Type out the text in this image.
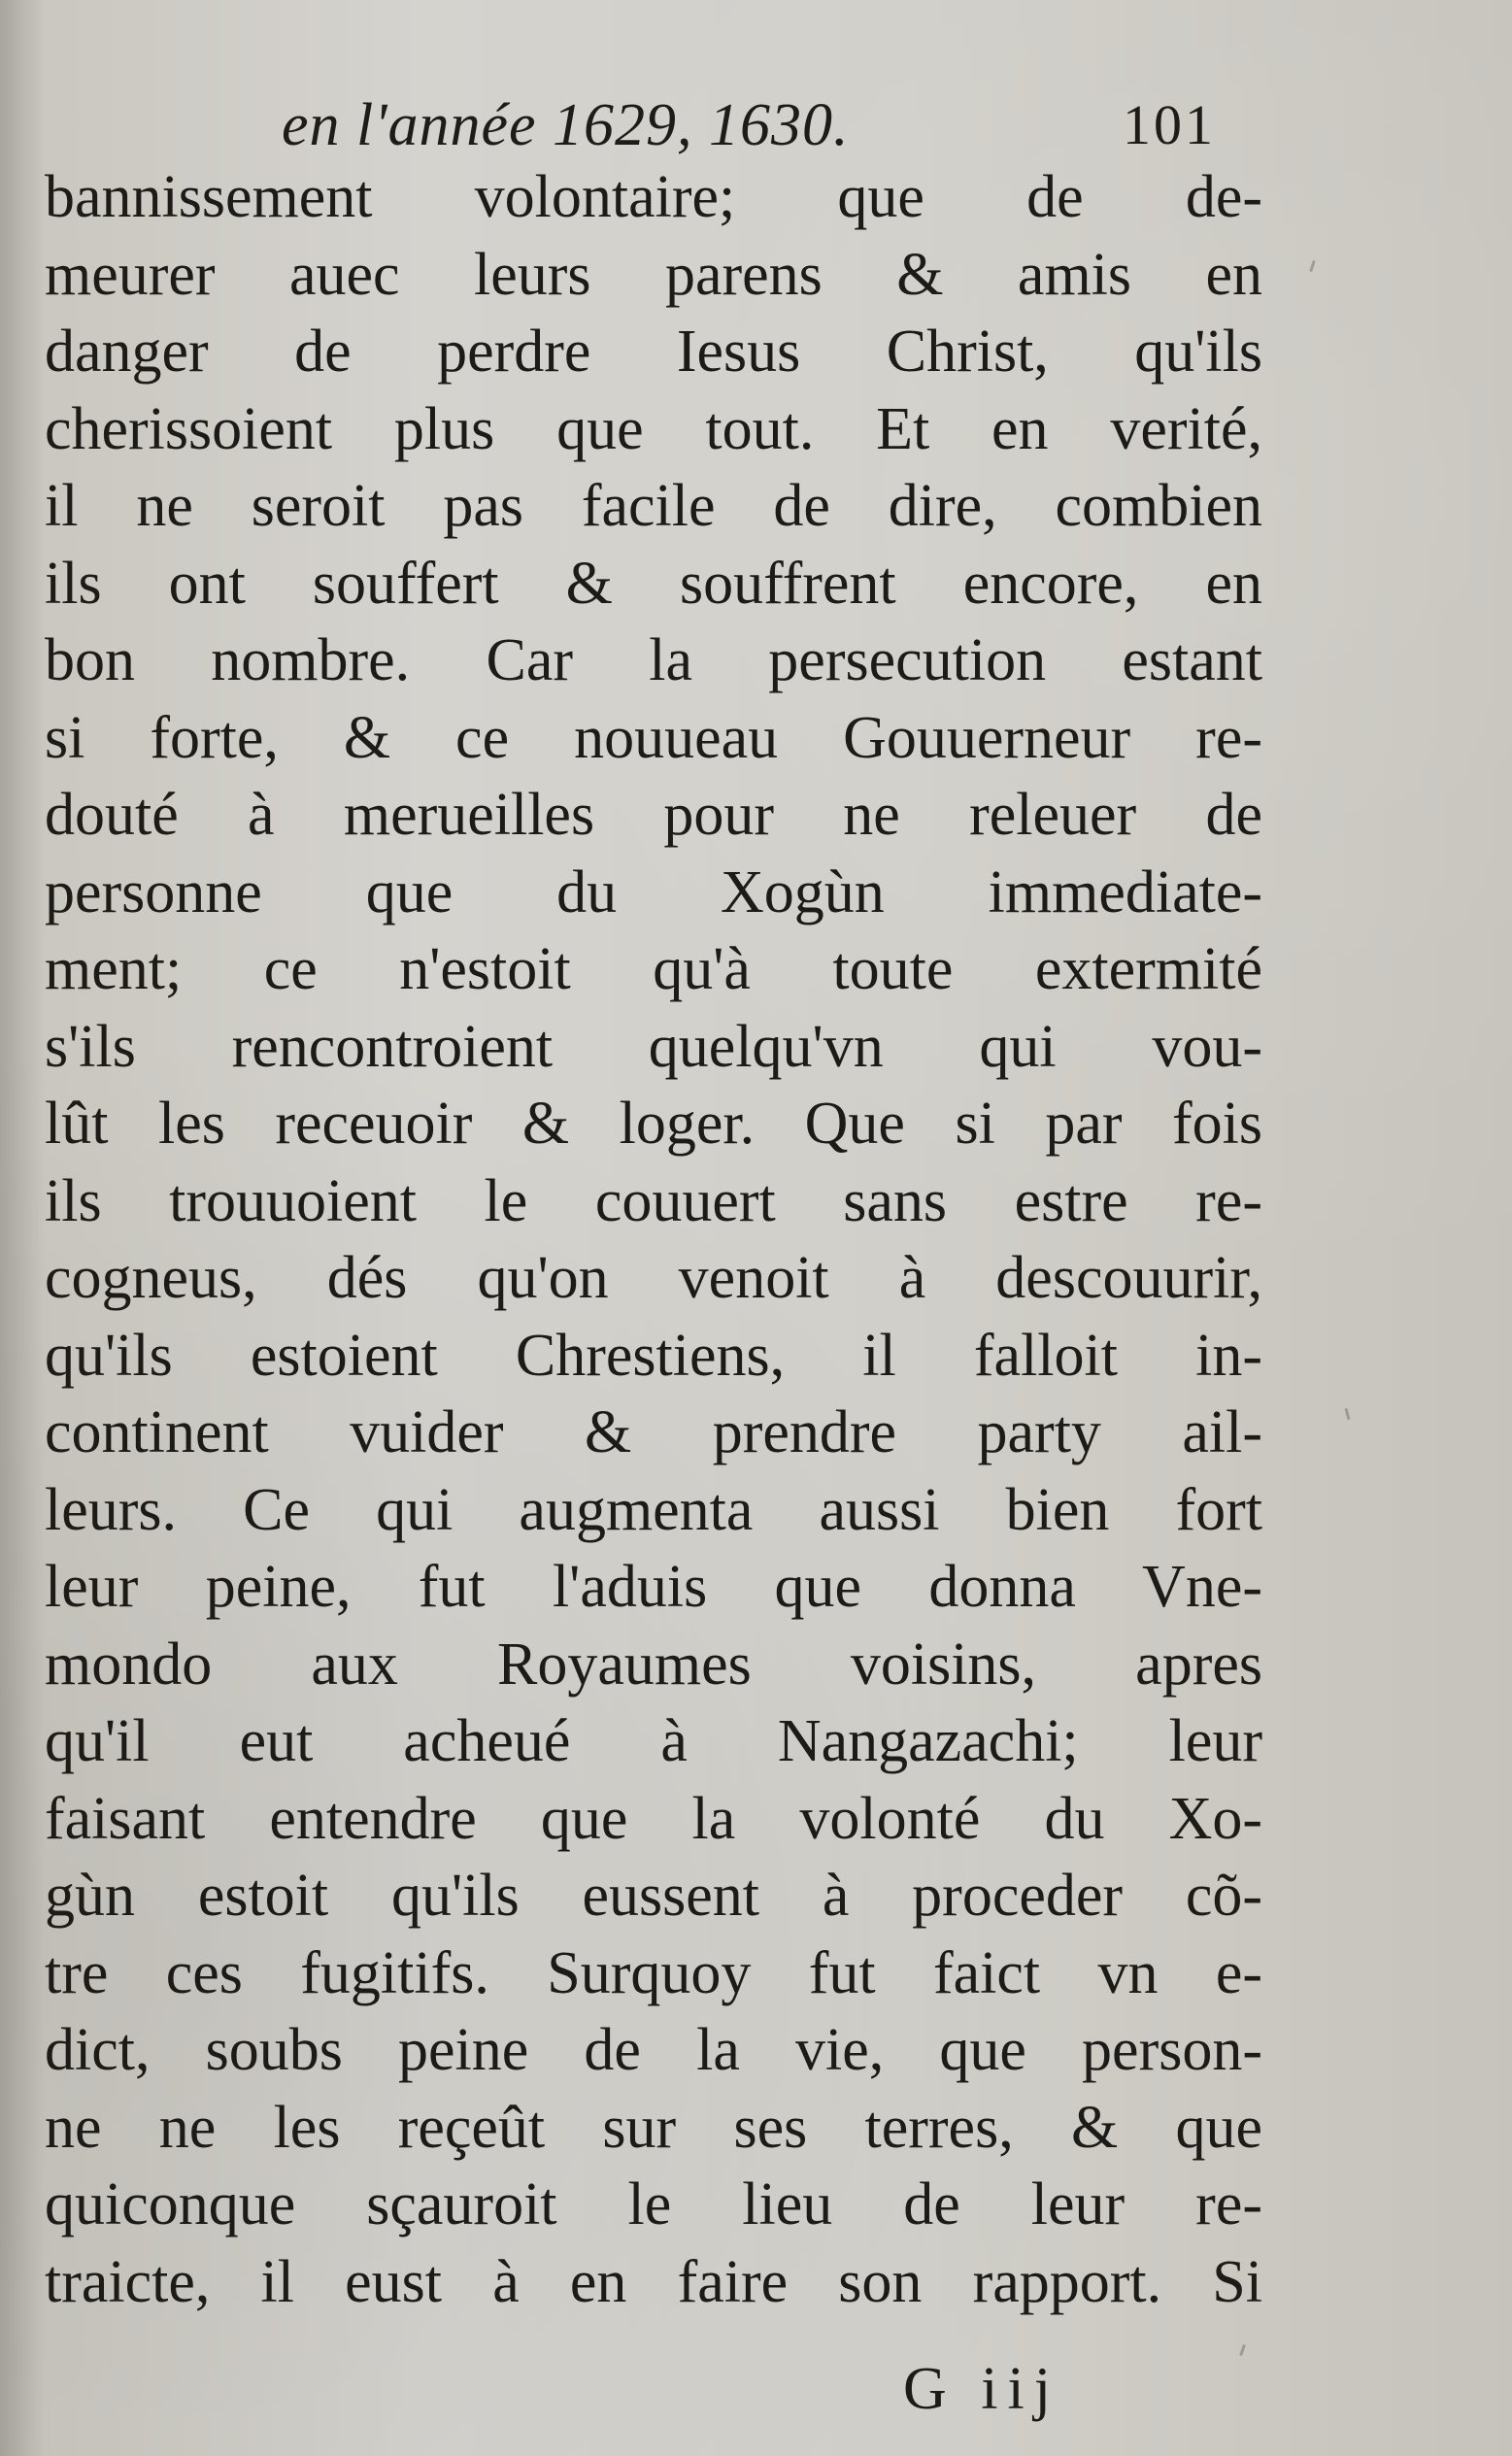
en l'année 1629, 1630.	101
bannissement volontaire; que de de-
meurer auec leurs parens & amis en
danger de perdre Iesus Christ, qu'ils
cherissoient plus que tout. Et en verité,
il ne seroit pas facile de dire, combien
ils ont souffert & souffrent encore, en
bon nombre. Car la persecution estant
si forte, & ce nouueau Gouuerneur re-
douté à merueilles pour ne releuer de
personne que du Xogùn immediate-
ment; ce n'estoit qu'à toute extermité
s'ils rencontroient quelqu'vn qui vou-
lût les receuoir & loger. Que si par fois
ils trouuoient le couuert sans estre re-
cogneus, dés qu'on venoit à descouurir,
qu'ils estoient Chrestiens, il falloit in-
continent vuider & prendre party ail-
leurs. Ce qui augmenta aussi bien fort
leur peine, fut l'aduis que donna Vne-
mondo aux Royaumes voisins, apres
qu'il eut acheué à Nangazachi; leur
faisant entendre que la volonté du Xo-
gùn estoit qu'ils eussent à proceder cõ-
tre ces fugitifs. Surquoy fut faict vn e-
dict, soubs peine de la vie, que person-
ne ne les reçeût sur ses terres, & que
quiconque sçauroit le lieu de leur re-
traicte, il eust à en faire son rapport. Si
G iij
